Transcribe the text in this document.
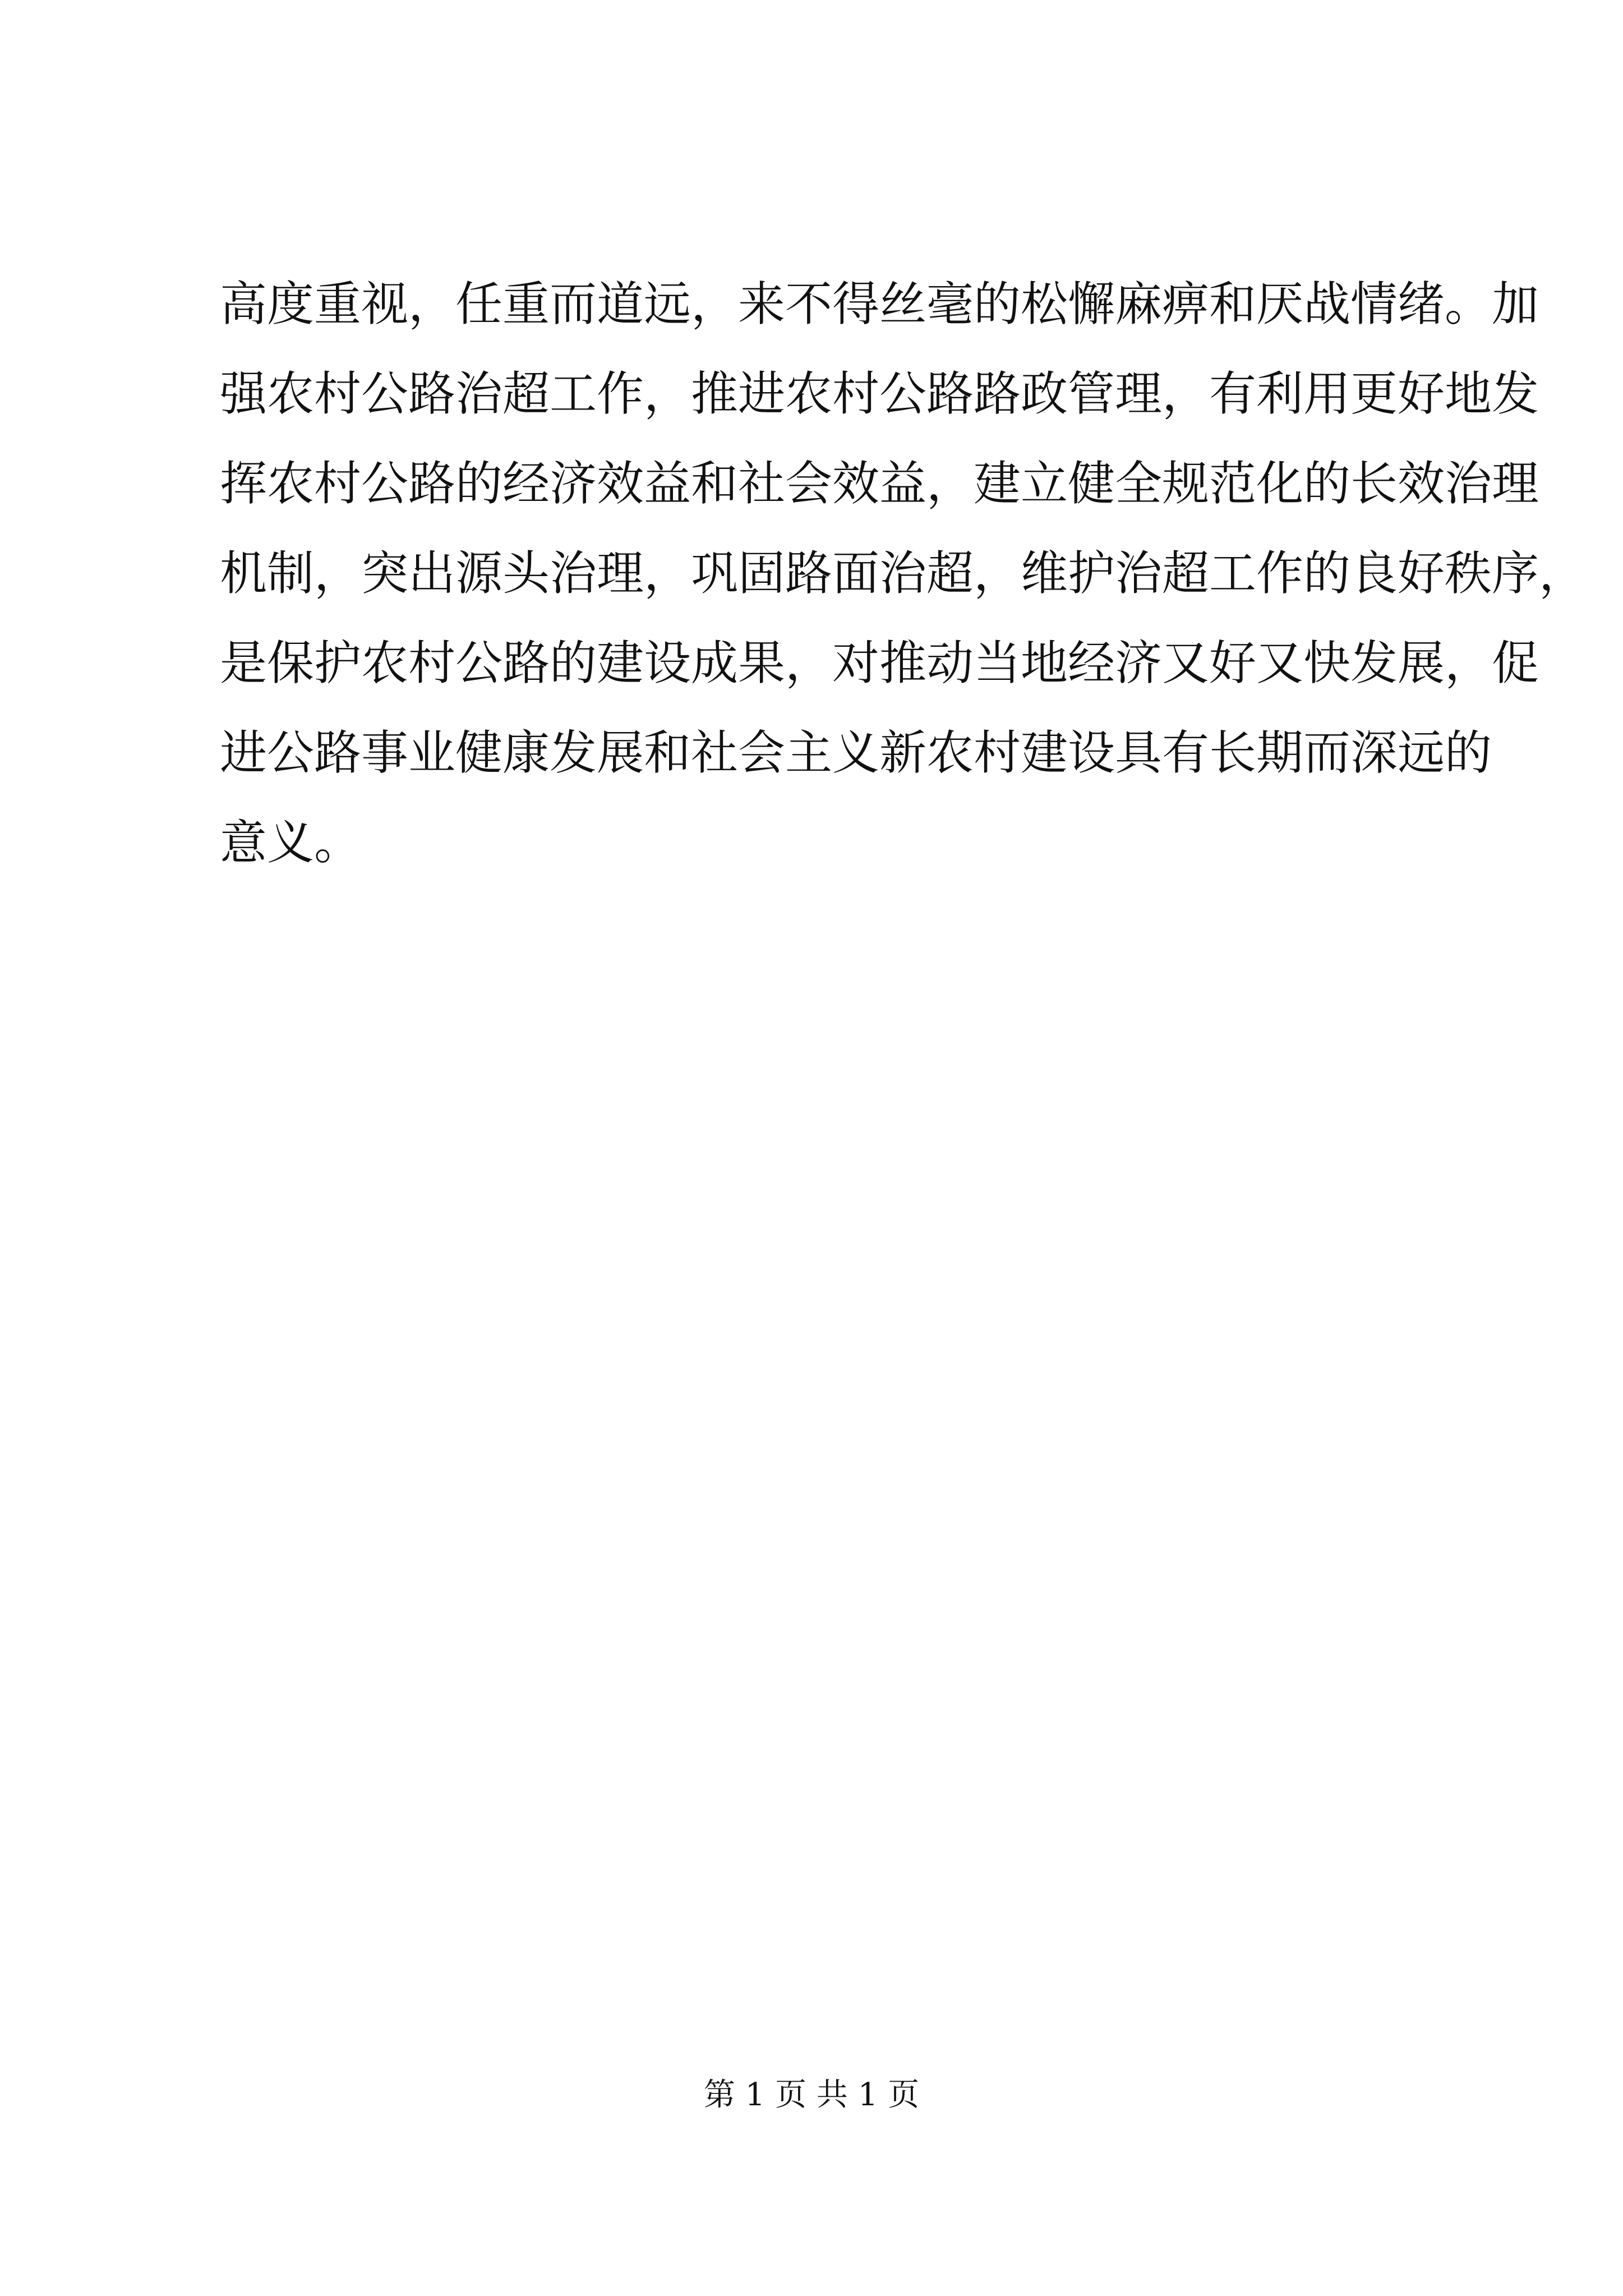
高度重视，任重而道远，来不得丝毫的松懈麻痹和厌战情绪。加
强农村公路治超工作，推进农村公路路政管理，有利用更好地发
挥农村公路的经济效益和社会效益，建立健全规范化的长效治理
机制，突出源头治理，巩固路面治超，维护治超工作的良好秩序，
是保护农村公路的建设成果，对推动当地经济又好又快发展，促
进公路事业健康发展和社会主义新农村建设具有长期而深远的
意义。
第 1 页 共 1 页
